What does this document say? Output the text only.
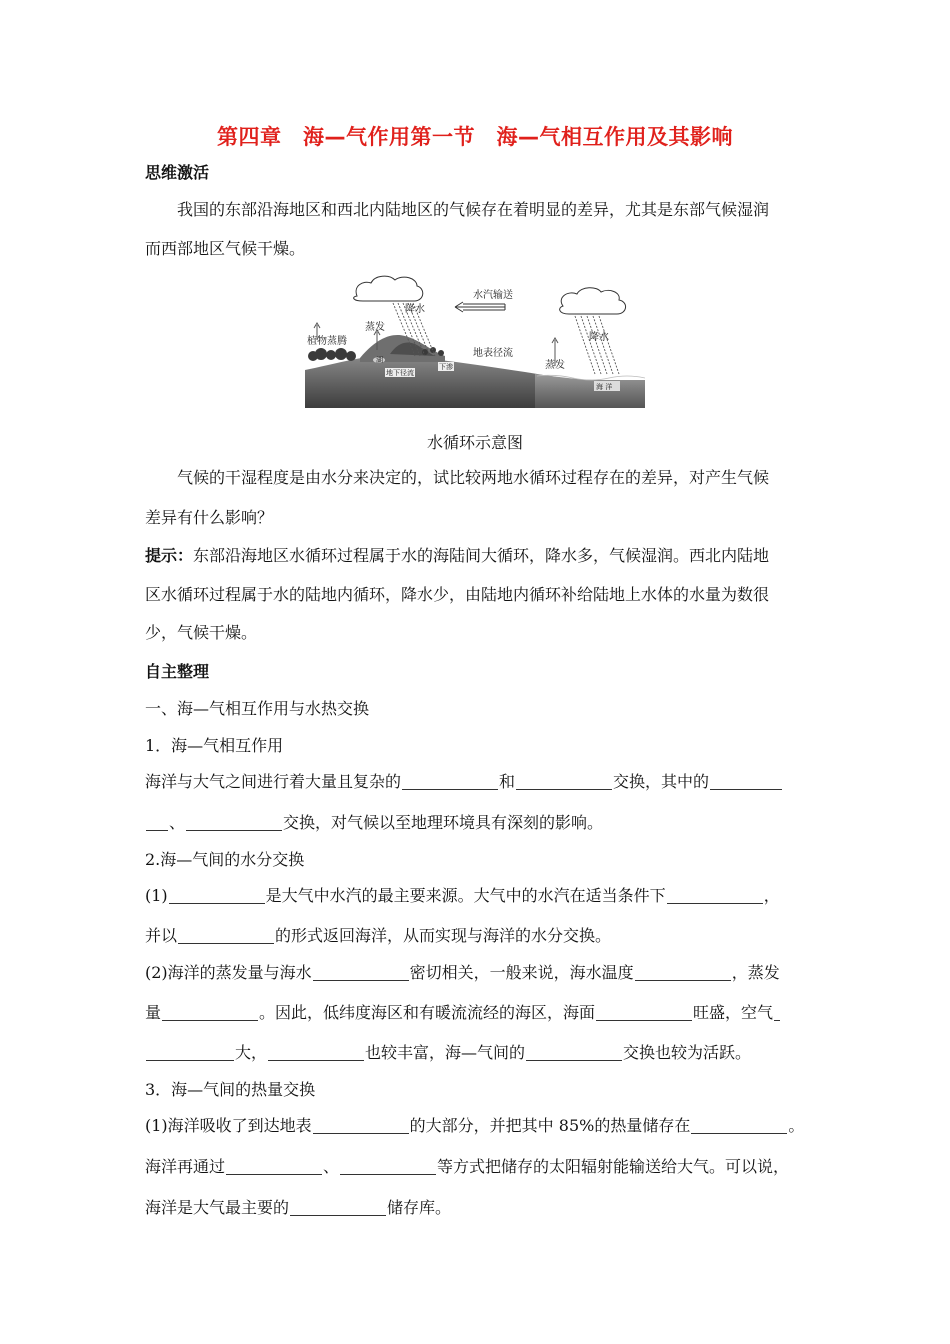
第四章　海—气作用第一节　海—气相互作用及其影响
思维激活
我国的东部沿海地区和西北内陆地区的气候存在着明显的差异，尤其是东部气候湿润
而西部地区气候干燥。
降水
水汽输送
蒸发
植物蒸腾
地表径流
蒸发
降水
海 洋
下渗
地下径流
湖
水循环示意图
气候的干湿程度是由水分来决定的，试比较两地水循环过程存在的差异，对产生气候
差异有什么影响？
提示：东部沿海地区水循环过程属于水的海陆间大循环，降水多，气候湿润。西北内陆地
区水循环过程属于水的陆地内循环，降水少，由陆地内循环补给陆地上水体的水量为数很
少，气候干燥。
自主整理
一、海—气相互作用与水热交换
1．海—气相互作用
海洋与大气之间进行着大量且复杂的	和	交换，其中的
、	交换，对气候以至地理环境具有深刻的影响。
2.海—气间的水分交换
(1)	是大气中水汽的最主要来源。大气中的水汽在适当条件下	，
并以	的形式返回海洋，从而实现与海洋的水分交换。
(2)海洋的蒸发量与海水	密切相关，一般来说，海水温度	，蒸发
量	。因此，低纬度海区和有暖流流经的海区，海面	旺盛，空气
大，	也较丰富，海—气间的	交换也较为活跃。
3．海—气间的热量交换
(1)海洋吸收了到达地表	的大部分，并把其中 85%的热量储存在	。
海洋再通过	、	等方式把储存的太阳辐射能输送给大气。可以说，
海洋是大气最主要的	储存库。
